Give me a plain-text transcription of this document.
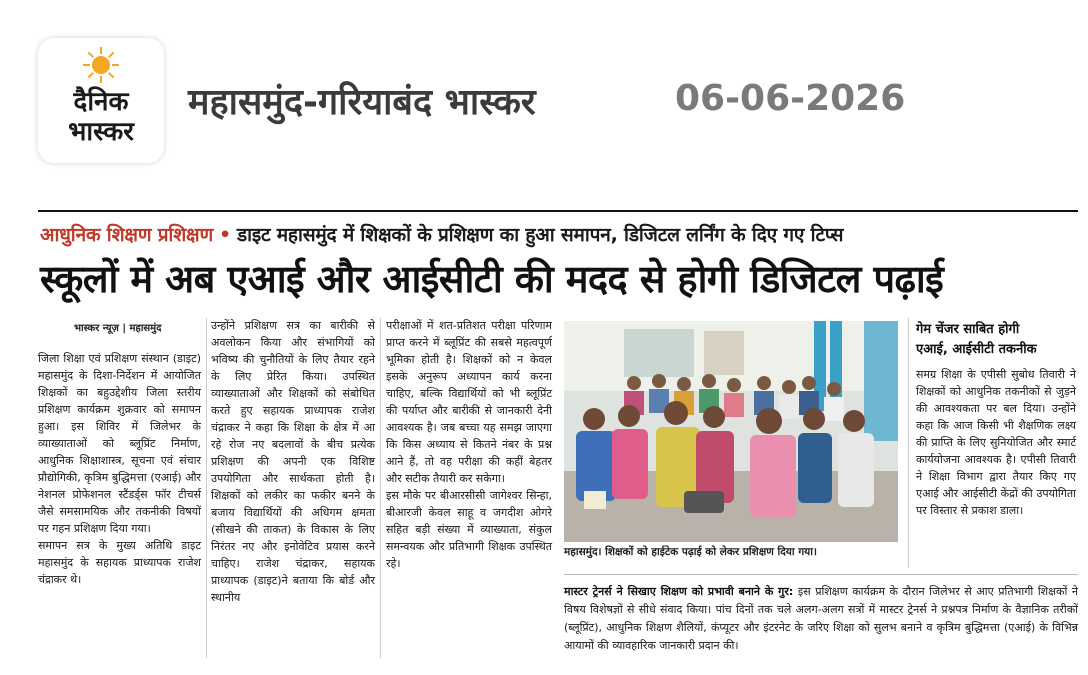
दैनिक
भास्कर
महासमुंद-गरियाबंद भास्कर	06-06-2026
आधुनिक शिक्षण प्रशिक्षण • डाइट महासमुंद में शिक्षकों के प्रशिक्षण का हुआ समापन, डिजिटल लर्निंग के दिए गए टिप्स
स्कूलों में अब एआई और आईसीटी की मदद से होगी डिजिटल पढ़ाई
भास्कर न्यूज़ | महासमुंद

जिला शिक्षा एवं प्रशिक्षण संस्थान (डाइट) महासमुंद के दिशा-निर्देशन में आयोजित शिक्षकों का बहुउद्देशीय जिला स्तरीय प्रशिक्षण कार्यक्रम शुक्रवार को समापन हुआ। इस शिविर में जिलेभर के व्याख्याताओं को ब्लूप्रिंट निर्माण, आधुनिक शिक्षाशास्त्र, सूचना एवं संचार प्रौद्योगिकी, कृत्रिम बुद्धिमत्ता (एआई) और नेशनल प्रोफेशनल स्टैंडर्ड्स फॉर टीचर्स जैसे समसामयिक और तकनीकी विषयों पर गहन प्रशिक्षण दिया गया।

समापन सत्र के मुख्य अतिथि डाइट महासमुंद के सहायक प्राध्यापक राजेश चंद्राकर थे।

उन्होंने प्रशिक्षण सत्र का बारीकी से अवलोकन किया और संभागियों को भविष्य की चुनौतियों के लिए तैयार रहने के लिए प्रेरित किया। उपस्थित व्याख्याताओं और शिक्षकों को संबोधित करते हुए सहायक प्राध्यापक राजेश चंद्राकर ने कहा कि शिक्षा के क्षेत्र में आ रहे रोज नए बदलावों के बीच प्रत्येक प्रशिक्षण की अपनी एक विशिष्ट उपयोगिता और सार्थकता होती है। शिक्षकों को लकीर का फकीर बनने के बजाय विद्यार्थियों की अधिगम क्षमता (सीखने की ताकत) के विकास के लिए निरंतर नए और इनोवेटिव प्रयास करने चाहिए। राजेश चंद्राकर, सहायक प्राध्यापक (डाइट)ने बताया कि बोर्ड और स्थानीय

परीक्षाओं में शत-प्रतिशत परीक्षा परिणाम प्राप्त करने में ब्लूप्रिंट की सबसे महत्वपूर्ण भूमिका होती है। शिक्षकों को न केवल इसके अनुरूप अध्यापन कार्य करना चाहिए, बल्कि विद्यार्थियों को भी ब्लूप्रिंट की पर्याप्त और बारीकी से जानकारी देनी आवश्यक है। जब बच्चा यह समझ जाएगा कि किस अध्याय से कितने नंबर के प्रश्न आने हैं, तो वह परीक्षा की कहीं बेहतर और सटीक तैयारी कर सकेगा।

इस मौके पर बीआरसीसी जागेश्वर सिन्हा, बीआरजी केवल साहू व जगदीश ओगरे सहित बड़ी संख्या में व्याख्याता, संकुल समन्वयक और प्रतिभागी शिक्षक उपस्थित रहे।

महासमुंद। शिक्षकों को हाईटेक पढ़ाई को लेकर प्रशिक्षण दिया गया।
गेम चेंजर साबित होगी
एआई, आईसीटी तकनीक
समग्र शिक्षा के एपीसी सुबोध तिवारी ने शिक्षकों को आधुनिक तकनीकों से जुड़ने की आवश्यकता पर बल दिया। उन्होंने कहा कि आज किसी भी शैक्षणिक लक्ष्य की प्राप्ति के लिए सुनियोजित और स्मार्ट कार्ययोजना आवश्यक है। एपीसी तिवारी ने शिक्षा विभाग द्वारा तैयार किए गए एआई और आईसीटी केंद्रों की उपयोगिता पर विस्तार से प्रकाश डाला।
मास्टर ट्रेनर्स ने सिखाए शिक्षण को प्रभावी बनाने के गुर: इस प्रशिक्षण कार्यक्रम के दौरान जिलेभर से आए प्रतिभागी शिक्षकों ने विषय विशेषज्ञों से सीधे संवाद किया। पांच दिनों तक चले अलग-अलग सत्रों में मास्टर ट्रेनर्स ने प्रश्नपत्र निर्माण के वैज्ञानिक तरीकों (ब्लूप्रिंट), आधुनिक शिक्षण शैलियों, कंप्यूटर और इंटरनेट के जरिए शिक्षा को सुलभ बनाने व कृत्रिम बुद्धिमत्ता (एआई) के विभिन्न आयामों की व्यावहारिक जानकारी प्रदान की।
